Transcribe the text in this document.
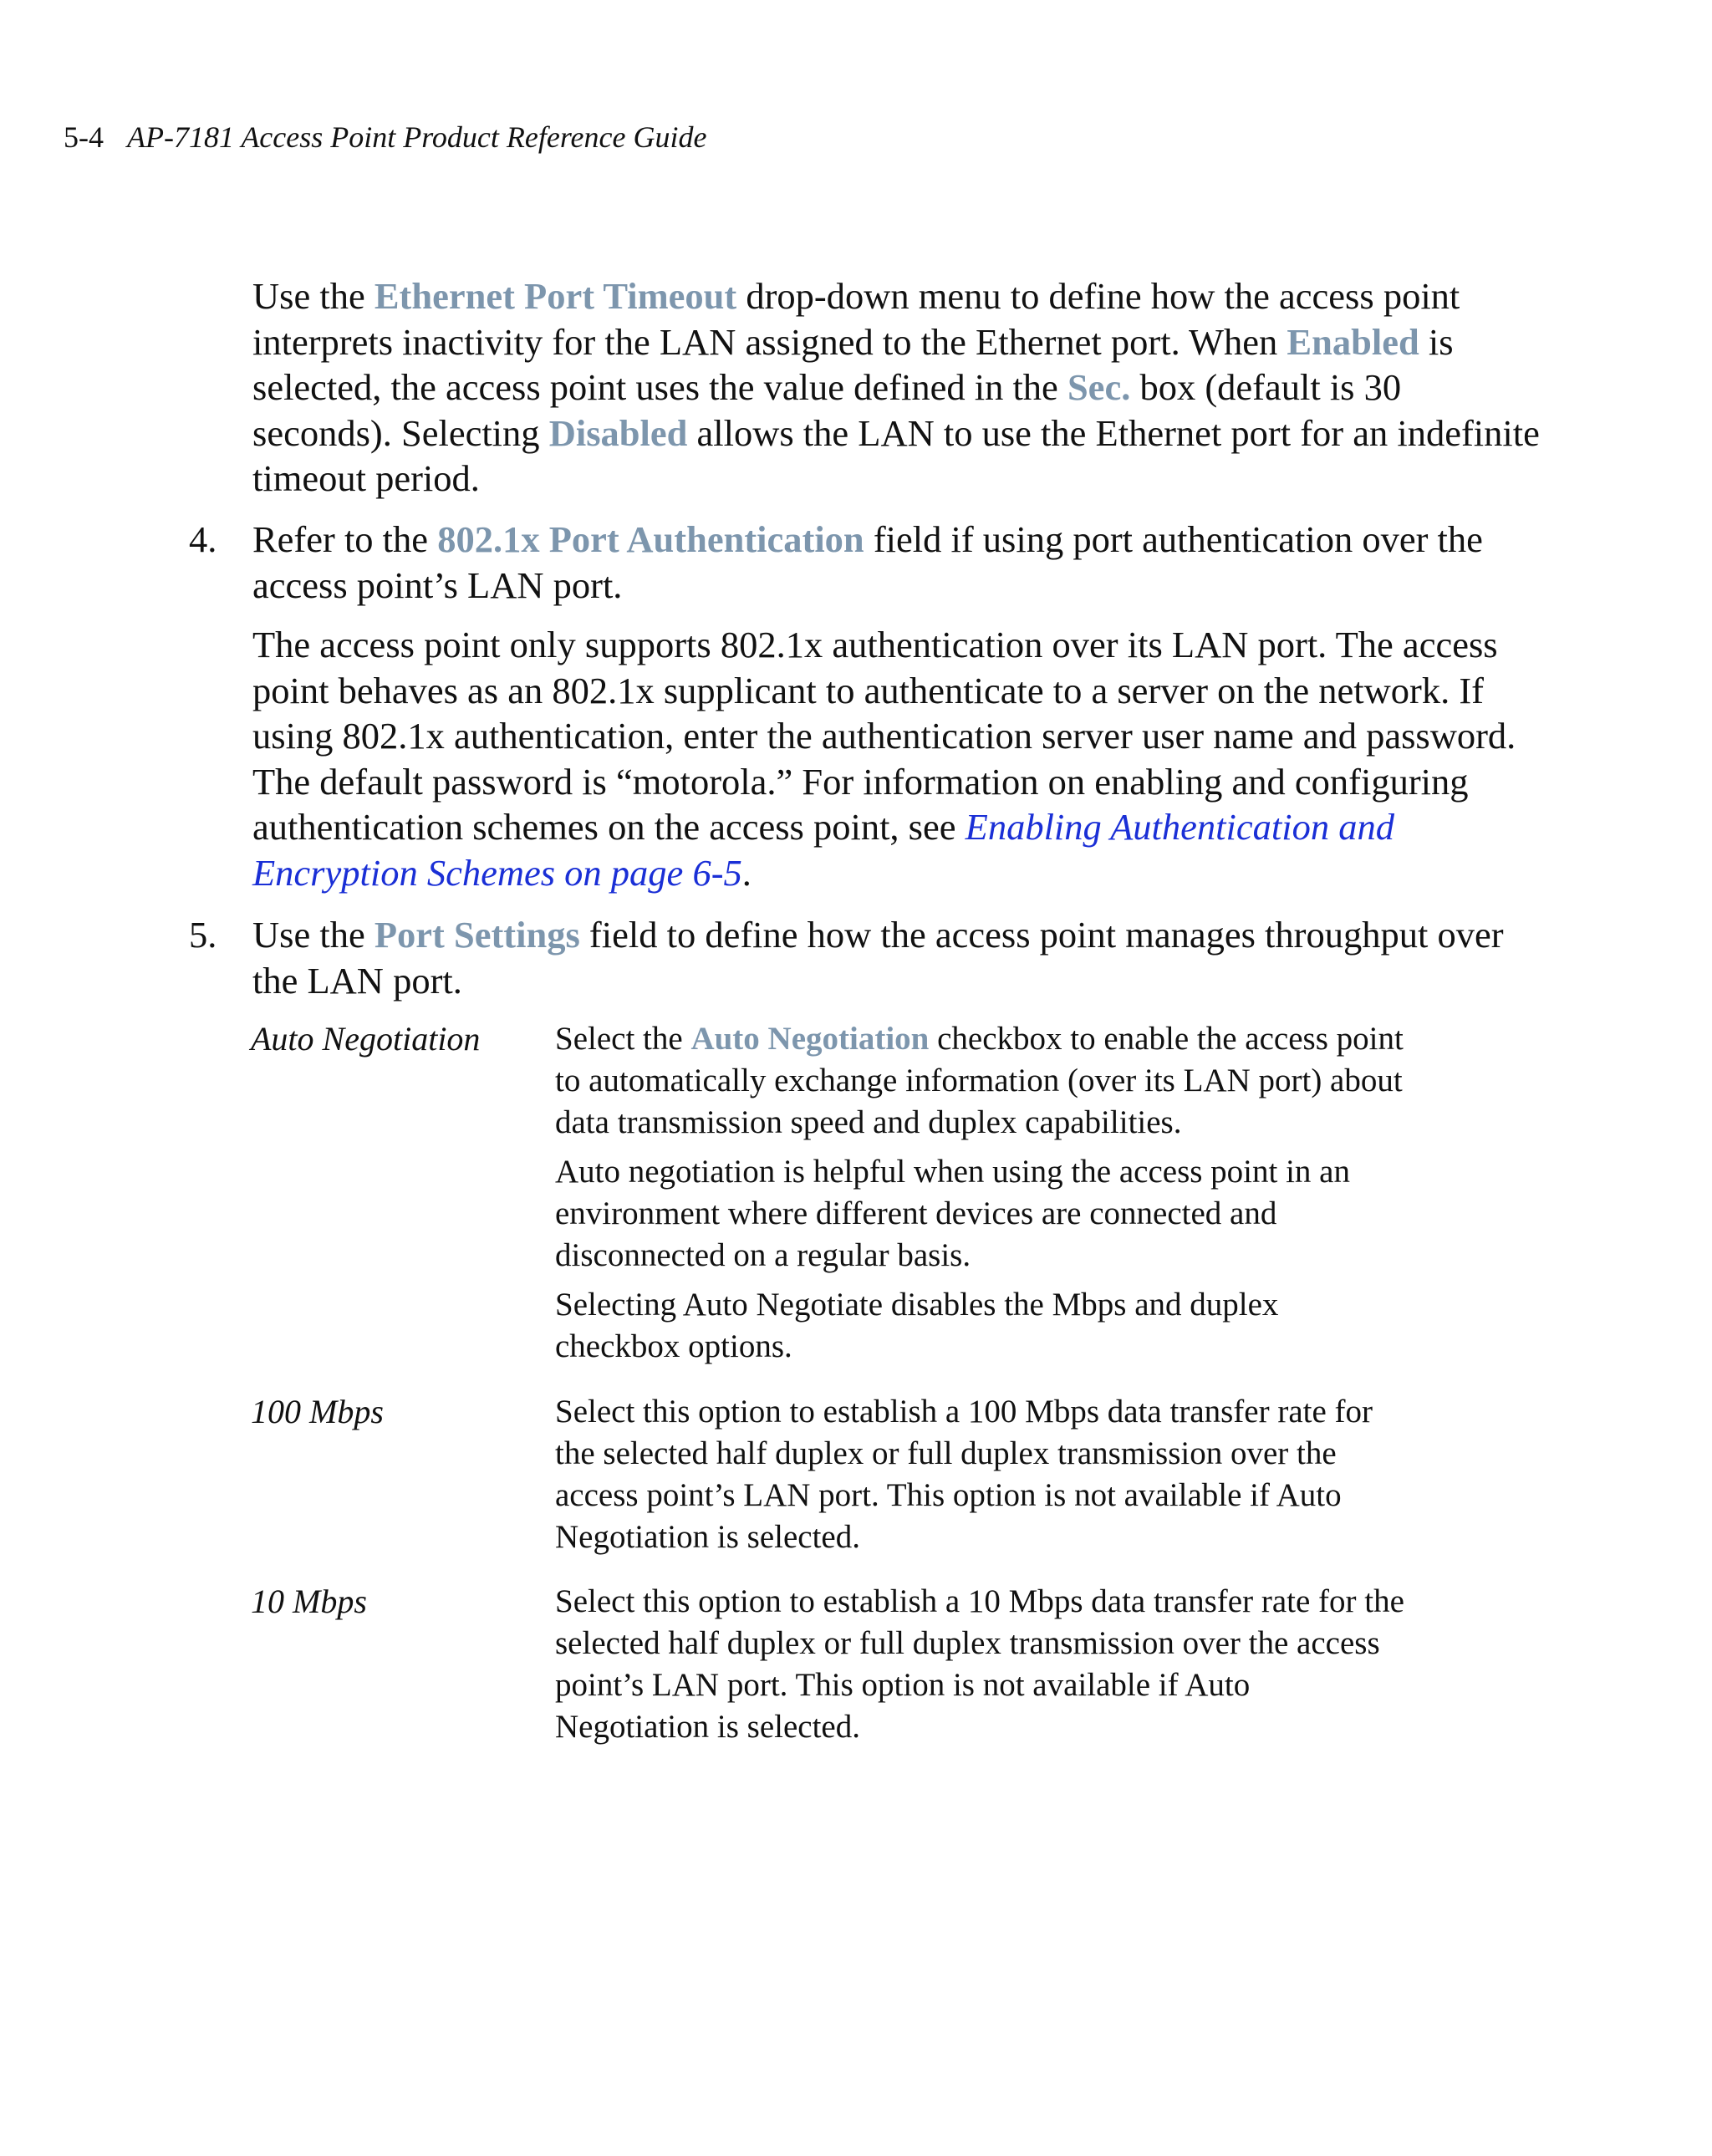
5-4 AP-7181 Access Point Product Reference Guide
Use the Ethernet Port Timeout drop-down menu to define how the access point interprets inactivity for the LAN assigned to the Ethernet port. When Enabled is selected, the access point uses the value defined in the Sec. box (default is 30 seconds). Selecting Disabled allows the LAN to use the Ethernet port for an indefinite timeout period.
4. Refer to the 802.1x Port Authentication field if using port authentication over the access point’s LAN port.
The access point only supports 802.1x authentication over its LAN port. The access point behaves as an 802.1x supplicant to authenticate to a server on the network. If using 802.1x authentication, enter the authentication server user name and password. The default password is “motorola.” For information on enabling and configuring authentication schemes on the access point, see Enabling Authentication and Encryption Schemes on page 6-5.
5. Use the Port Settings field to define how the access point manages throughput over the LAN port.
Auto Negotiation Select the Auto Negotiation checkbox to enable the access point to automatically exchange information (over its LAN port) about data transmission speed and duplex capabilities.

Auto negotiation is helpful when using the access point in an environment where different devices are connected and disconnected on a regular basis.

Selecting Auto Negotiate disables the Mbps and duplex checkbox options.

100 Mbps	Select this option to establish a 100 Mbps data transfer rate for the selected half duplex or full duplex transmission over the access point’s LAN port. This option is not available if Auto Negotiation is selected.

10 Mbps	Select this option to establish a 10 Mbps data transfer rate for the selected half duplex or full duplex transmission over the access point’s LAN port. This option is not available if Auto Negotiation is selected.
